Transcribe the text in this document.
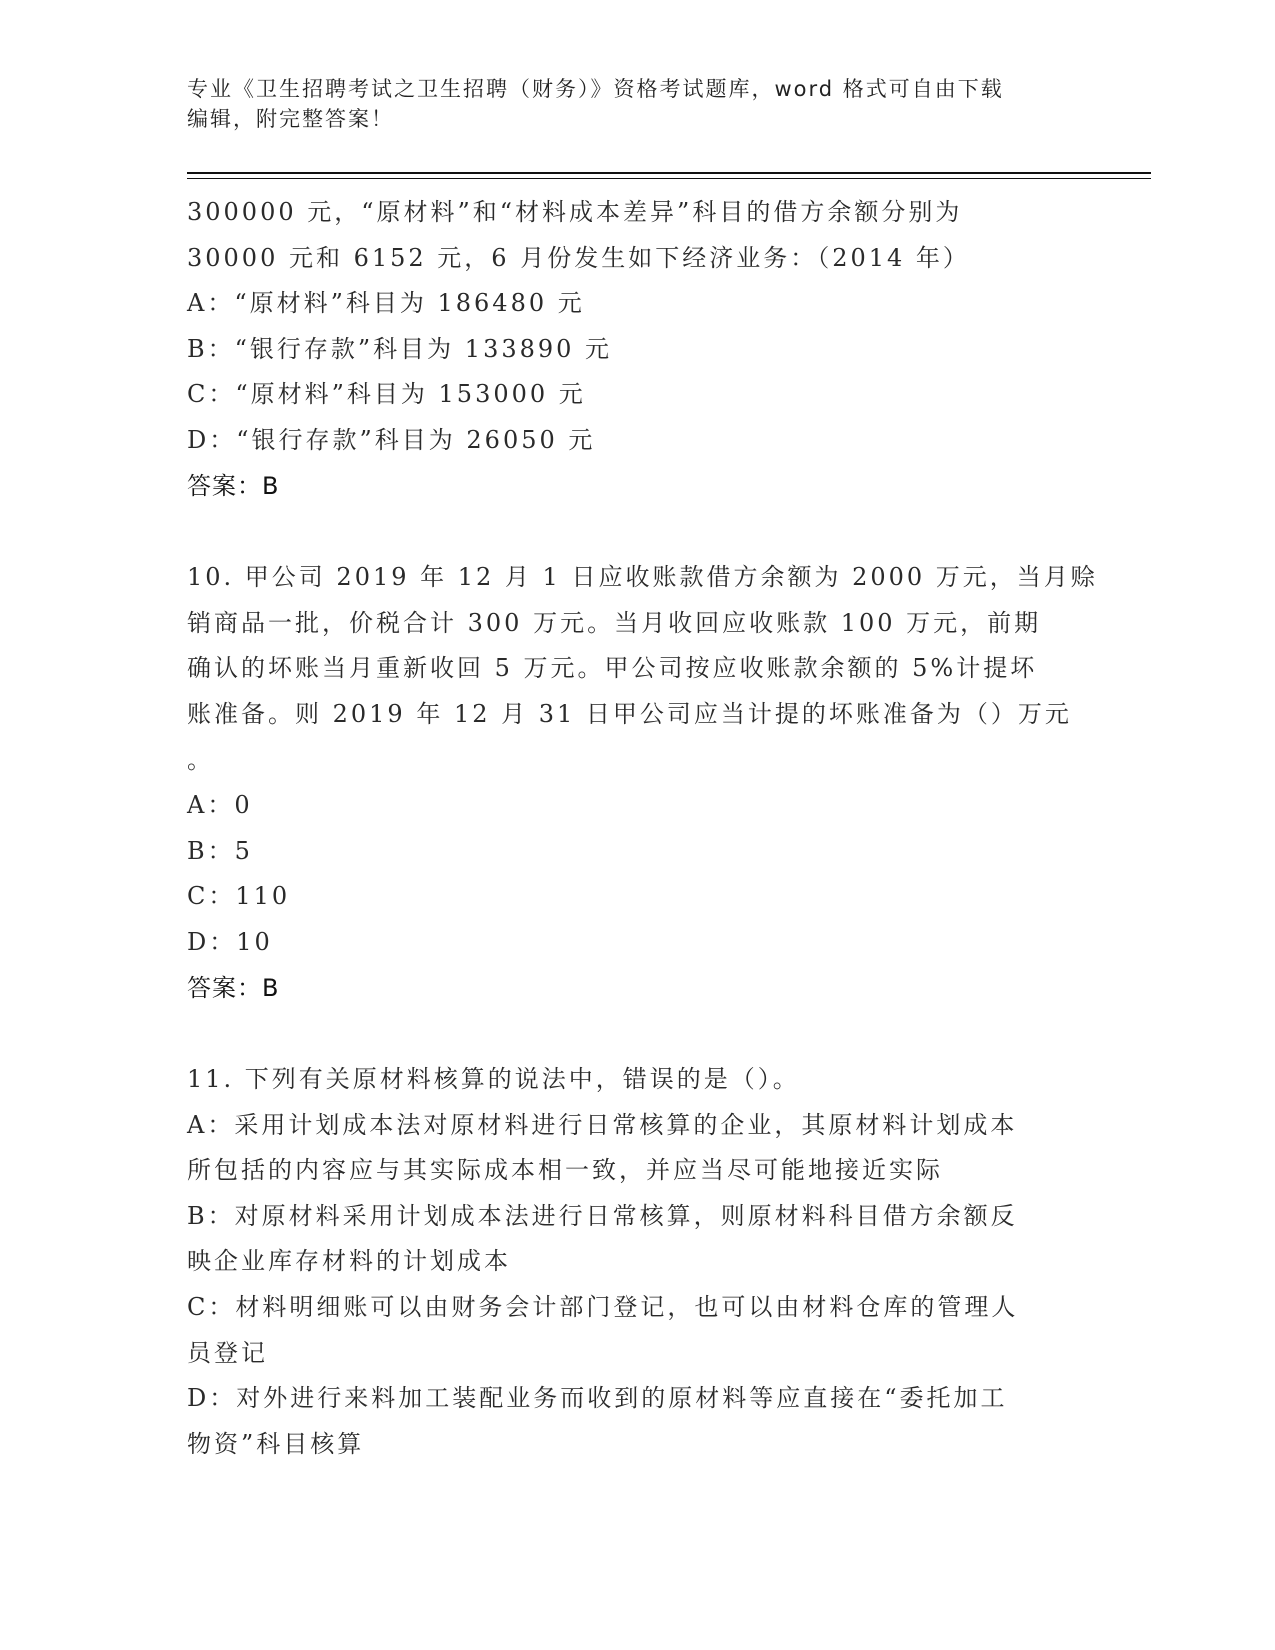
专业《卫生招聘考试之卫生招聘（财务）》资格考试题库，word 格式可自由下载
编辑，附完整答案！
300000 元，“原材料”和“材料成本差异”科目的借方余额分别为
30000 元和 6152 元，6 月份发生如下经济业务：（2014 年）
A：“原材料”科目为 186480 元
B：“银行存款”科目为 133890 元
C：“原材料”科目为 153000 元
D：“银行存款”科目为 26050 元
答案：B
10. 甲公司 2019 年 12 月 1 日应收账款借方余额为 2000 万元，当月赊
销商品一批，价税合计 300 万元。当月收回应收账款 100 万元，前期
确认的坏账当月重新收回 5 万元。甲公司按应收账款余额的 5%计提坏
账准备。则 2019 年 12 月 31 日甲公司应当计提的坏账准备为（）万元
。
A：0
B：5
C：110
D：10
答案：B
11. 下列有关原材料核算的说法中，错误的是（）。
A：采用计划成本法对原材料进行日常核算的企业，其原材料计划成本
所包括的内容应与其实际成本相一致，并应当尽可能地接近实际
B：对原材料采用计划成本法进行日常核算，则原材料科目借方余额反
映企业库存材料的计划成本
C：材料明细账可以由财务会计部门登记，也可以由材料仓库的管理人
员登记
D：对外进行来料加工装配业务而收到的原材料等应直接在“委托加工
物资”科目核算
